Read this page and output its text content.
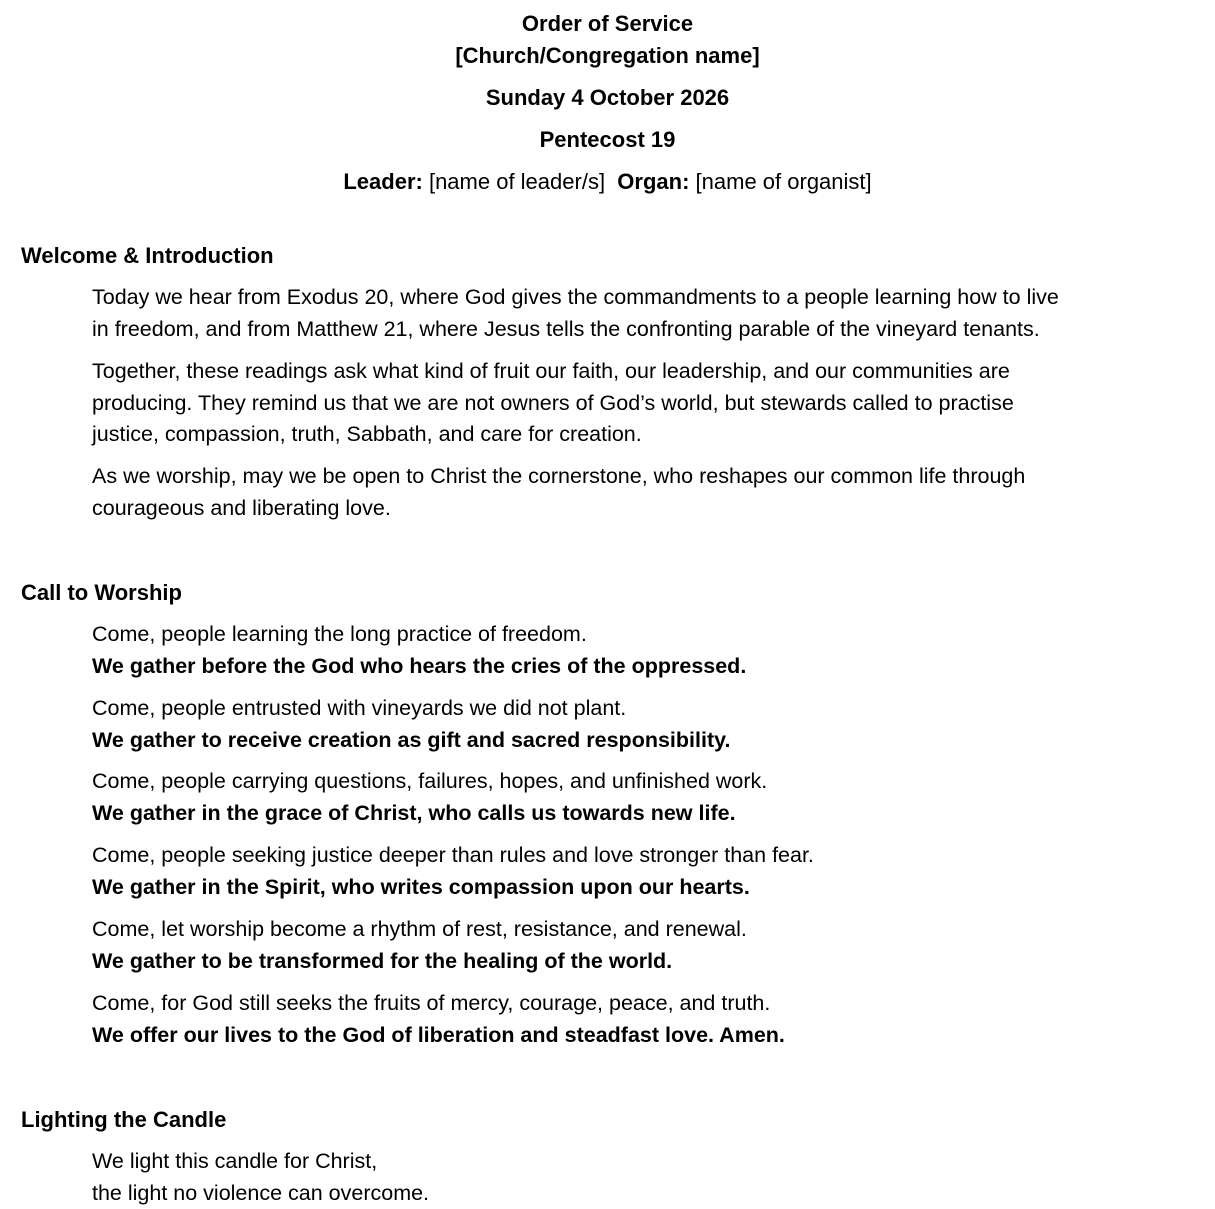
Order of Service
[Church/Congregation name]
Sunday 4 October 2026
Pentecost 19
Leader: [name of leader/s] Organ: [name of organist]
Welcome & Introduction
Today we hear from Exodus 20, where God gives the commandments to a people learning how to live
in freedom, and from Matthew 21, where Jesus tells the confronting parable of the vineyard tenants.
Together, these readings ask what kind of fruit our faith, our leadership, and our communities are
producing. They remind us that we are not owners of God’s world, but stewards called to practise
justice, compassion, truth, Sabbath, and care for creation.
As we worship, may we be open to Christ the cornerstone, who reshapes our common life through
courageous and liberating love.
Call to Worship
Come, people learning the long practice of freedom.
We gather before the God who hears the cries of the oppressed.
Come, people entrusted with vineyards we did not plant.
We gather to receive creation as gift and sacred responsibility.
Come, people carrying questions, failures, hopes, and unfinished work.
We gather in the grace of Christ, who calls us towards new life.
Come, people seeking justice deeper than rules and love stronger than fear.
We gather in the Spirit, who writes compassion upon our hearts.
Come, let worship become a rhythm of rest, resistance, and renewal.
We gather to be transformed for the healing of the world.
Come, for God still seeks the fruits of mercy, courage, peace, and truth.
We offer our lives to the God of liberation and steadfast love. Amen.
Lighting the Candle
We light this candle for Christ,
the light no violence can overcome.
